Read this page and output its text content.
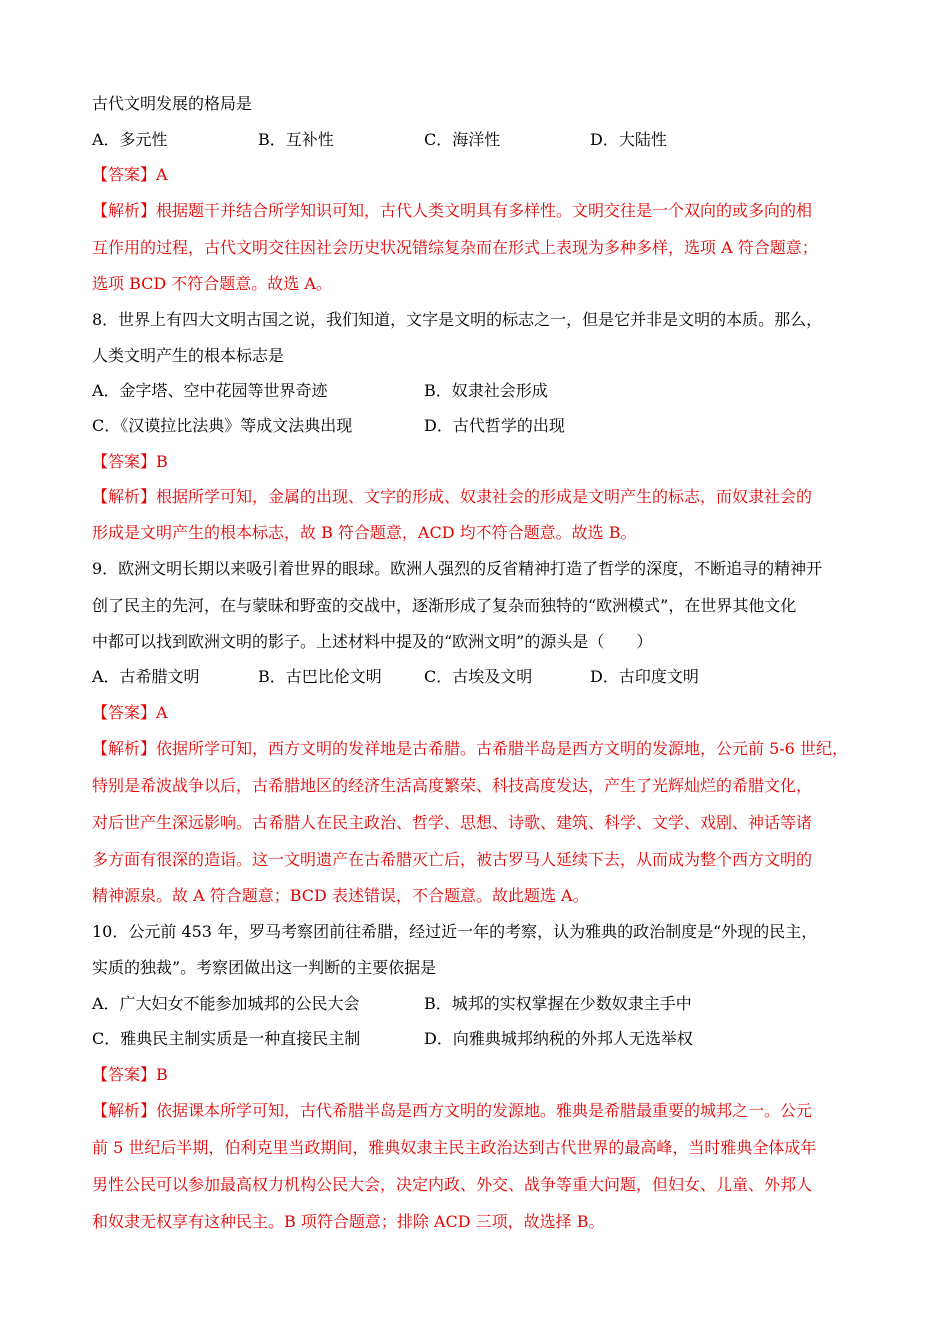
古代文明发展的格局是
A．多元性	B．互补性	C．海洋性	D．大陆性
【答案】A
【解析】根据题干并结合所学知识可知，古代人类文明具有多样性。文明交往是一个双向的或多向的相
互作用的过程，古代文明交往因社会历史状况错综复杂而在形式上表现为多种多样，选项 A 符合题意；
选项 BCD 不符合题意。故选 A。
8．世界上有四大文明古国之说，我们知道，文字是文明的标志之一，但是它并非是文明的本质。那么，
人类文明产生的根本标志是
A．金字塔、空中花园等世界奇迹	B．奴隶社会形成
C．《汉谟拉比法典》等成文法典出现	D．古代哲学的出现
【答案】B
【解析】根据所学可知，金属的出现、文字的形成、奴隶社会的形成是文明产生的标志，而奴隶社会的
形成是文明产生的根本标志，故 B 符合题意，ACD 均不符合题意。故选 B。
9．欧洲文明长期以来吸引着世界的眼球。欧洲人强烈的反省精神打造了哲学的深度，不断追寻的精神开
创了民主的先河，在与蒙昧和野蛮的交战中，逐渐形成了复杂而独特的“欧洲模式”，在世界其他文化
中都可以找到欧洲文明的影子。上述材料中提及的“欧洲文明”的源头是（　　）
A．古希腊文明	B．古巴比伦文明	C．古埃及文明	D．古印度文明
【答案】A
【解析】依据所学可知，西方文明的发祥地是古希腊。古希腊半岛是西方文明的发源地，公元前 5-6 世纪，
特别是希波战争以后，古希腊地区的经济生活高度繁荣、科技高度发达，产生了光辉灿烂的希腊文化，
对后世产生深远影响。古希腊人在民主政治、哲学、思想、诗歌、建筑、科学、文学、戏剧、神话等诸
多方面有很深的造诣。这一文明遗产在古希腊灭亡后，被古罗马人延续下去，从而成为整个西方文明的
精神源泉。故 A 符合题意；BCD 表述错误，不合题意。故此题选 A。
10．公元前 453 年，罗马考察团前往希腊，经过近一年的考察，认为雅典的政治制度是“外现的民主，
实质的独裁”。考察团做出这一判断的主要依据是
A．广大妇女不能参加城邦的公民大会	B．城邦的实权掌握在少数奴隶主手中
C．雅典民主制实质是一种直接民主制	D．向雅典城邦纳税的外邦人无选举权
【答案】B
【解析】依据课本所学可知，古代希腊半岛是西方文明的发源地。雅典是希腊最重要的城邦之一。公元
前 5 世纪后半期，伯利克里当政期间，雅典奴隶主民主政治达到古代世界的最高峰，当时雅典全体成年
男性公民可以参加最高权力机构公民大会，决定内政、外交、战争等重大问题，但妇女、儿童、外邦人
和奴隶无权享有这种民主。B 项符合题意；排除 ACD 三项，故选择 B。
